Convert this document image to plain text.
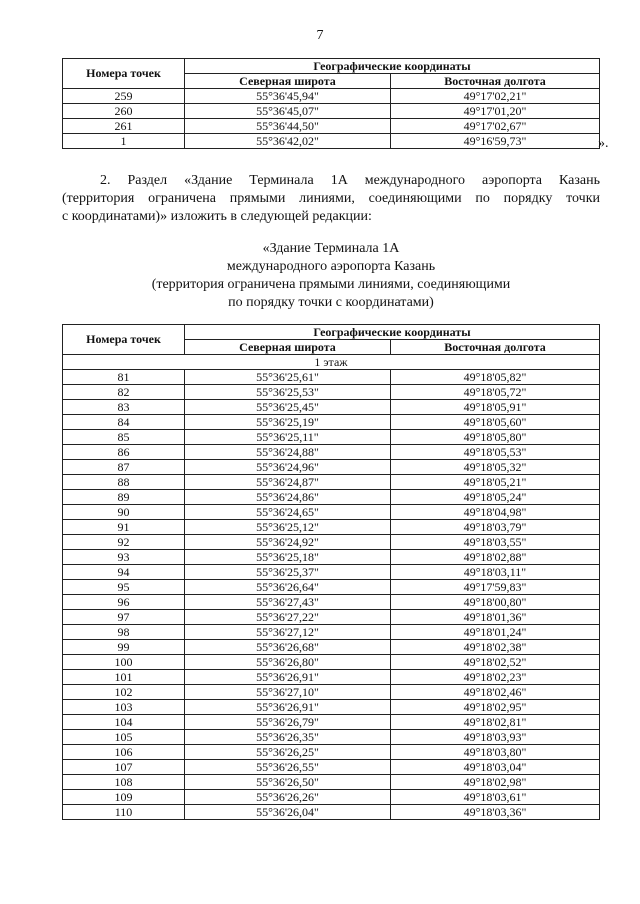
7
Номера точек	Географические координаты	
	Северная широта	Восточная долгота
259	55°36'45,94"	49°17'02,21"
260	55°36'45,07"	49°17'01,20"
261	55°36'44,50"	49°17'02,67"
1	55°36'42,02"	49°16'59,73"	».
2. Раздел «Здание Терминала 1А международного аэропорта Казань
(территория ограничена прямыми линиями, соединяющими по порядку точки
с координатами)» изложить в следующей редакции:
«Здание Терминала 1А
международного аэропорта Казань
(территория ограничена прямыми линиями, соединяющими
по порядку точки с координатами)
Номера точек	Географические координаты	
	Северная широта	Восточная долгота
1 этаж		
81	55°36'25,61"	49°18'05,82"
82	55°36'25,53"	49°18'05,72"
83	55°36'25,45"	49°18'05,91"
84	55°36'25,19"	49°18'05,60"
85	55°36'25,11"	49°18'05,80"
86	55°36'24,88"	49°18'05,53"
87	55°36'24,96"	49°18'05,32"
88	55°36'24,87"	49°18'05,21"
89	55°36'24,86"	49°18'05,24"
90	55°36'24,65"	49°18'04,98"
91	55°36'25,12"	49°18'03,79"
92	55°36'24,92"	49°18'03,55"
93	55°36'25,18"	49°18'02,88"
94	55°36'25,37"	49°18'03,11"
95	55°36'26,64"	49°17'59,83"
96	55°36'27,43"	49°18'00,80"
97	55°36'27,22"	49°18'01,36"
98	55°36'27,12"	49°18'01,24"
99	55°36'26,68"	49°18'02,38"
100	55°36'26,80"	49°18'02,52"
101	55°36'26,91"	49°18'02,23"
102	55°36'27,10"	49°18'02,46"
103	55°36'26,91"	49°18'02,95"
104	55°36'26,79"	49°18'02,81"
105	55°36'26,35"	49°18'03,93"
106	55°36'26,25"	49°18'03,80"
107	55°36'26,55"	49°18'03,04"
108	55°36'26,50"	49°18'02,98"
109	55°36'26,26"	49°18'03,61"
110	55°36'26,04"	49°18'03,36"
